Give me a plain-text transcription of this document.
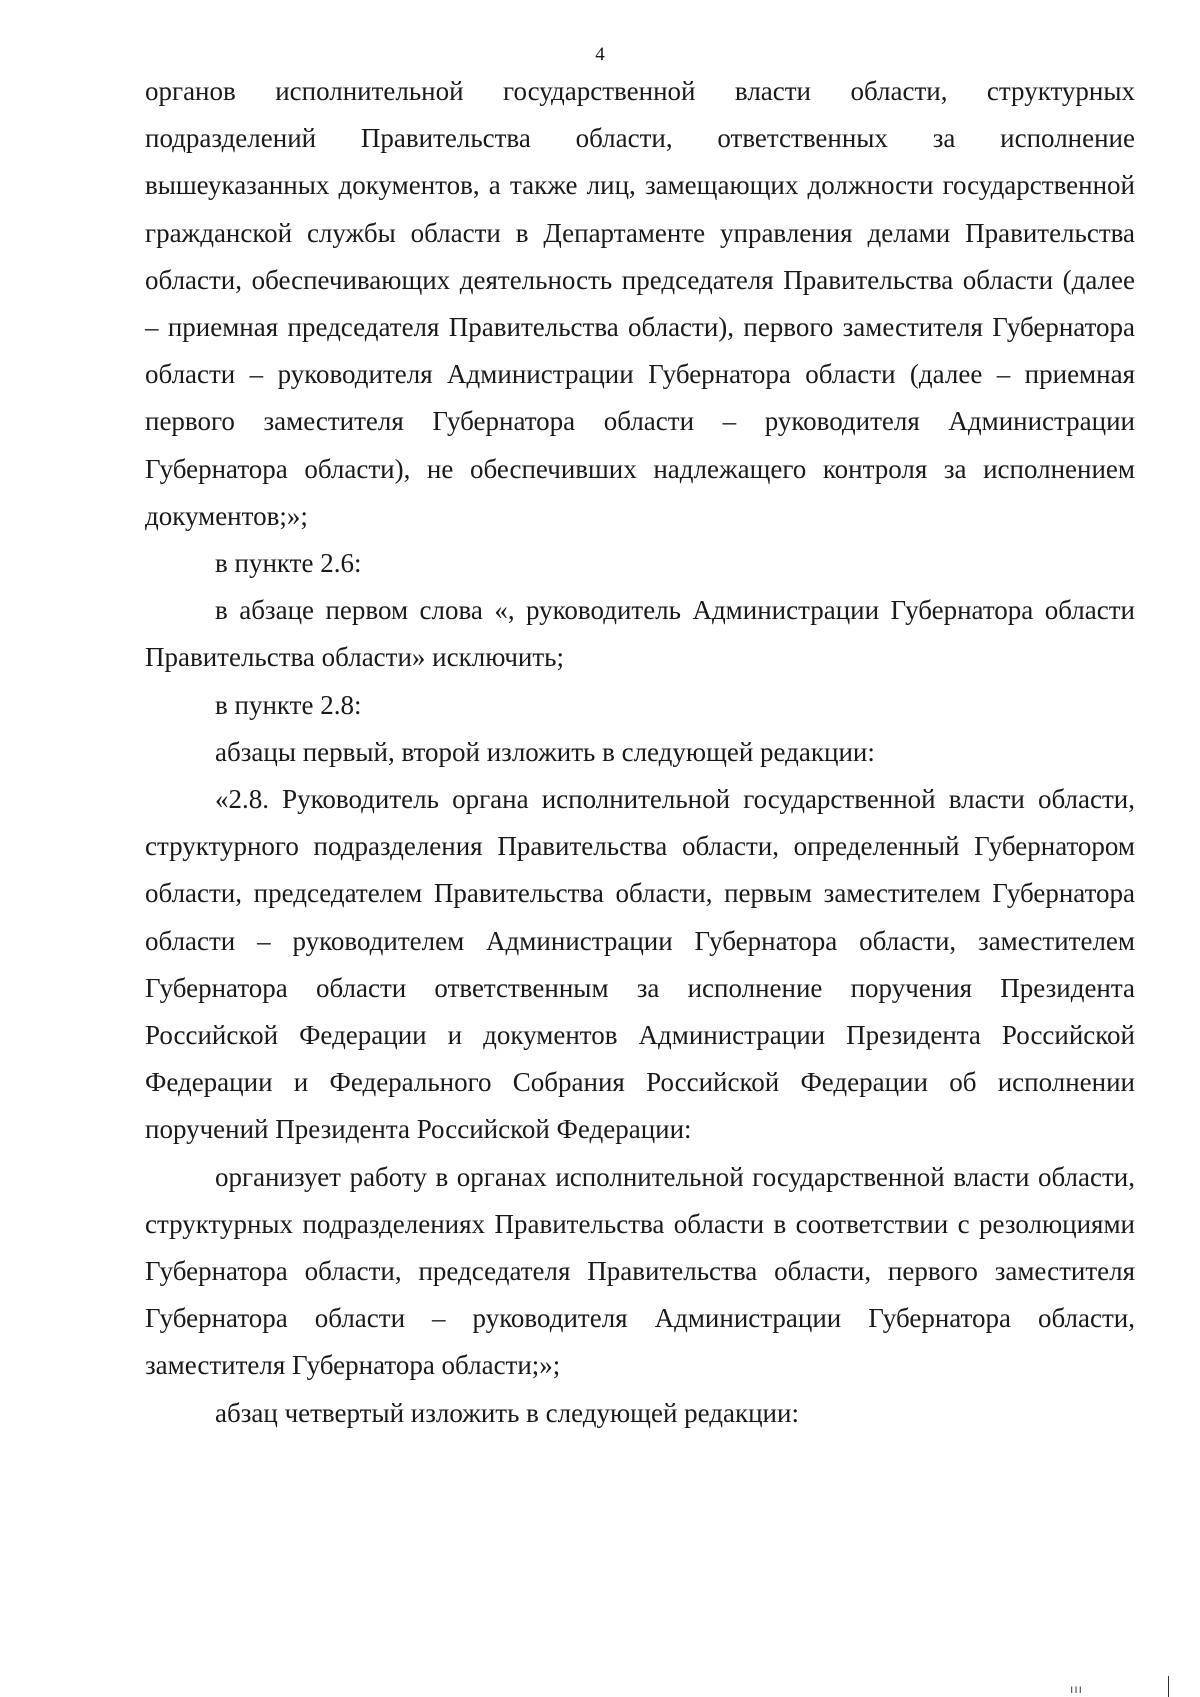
4

органов исполнительной государственной власти области, структурных подразделений Правительства области, ответственных за исполнение вышеуказанных документов, а также лиц, замещающих должности государственной гражданской службы области в Департаменте управления делами Правительства области, обеспечивающих деятельность председателя Правительства области (далее – приемная председателя Правительства области), первого заместителя Губернатора области – руководителя Администрации Губернатора области (далее – приемная первого заместителя Губернатора области – руководителя Администрации Губернатора области), не обеспечивших надлежащего контроля за исполнением документов;»;

в пункте 2.6:

в абзаце первом слова «, руководитель Администрации Губернатора области Правительства области» исключить;

в пункте 2.8:

абзацы первый, второй изложить в следующей редакции:

«2.8. Руководитель органа исполнительной государственной власти области, структурного подразделения Правительства области, определенный Губернатором области, председателем Правительства области, первым заместителем Губернатора области – руководителем Администрации Губернатора области, заместителем Губернатора области ответственным за исполнение поручения Президента Российской Федерации и документов Администрации Президента Российской Федерации и Федерального Собрания Российской Федерации об исполнении поручений Президента Российской Федерации:

организует работу в органах исполнительной государственной власти области, структурных подразделениях Правительства области в соответствии с резолюциями Губернатора области, председателя Правительства области, первого заместителя Губернатора области – руководителя Администрации Губернатора области, заместителя Губернатора области;»;

абзац четвертый изложить в следующей редакции:

ııı
